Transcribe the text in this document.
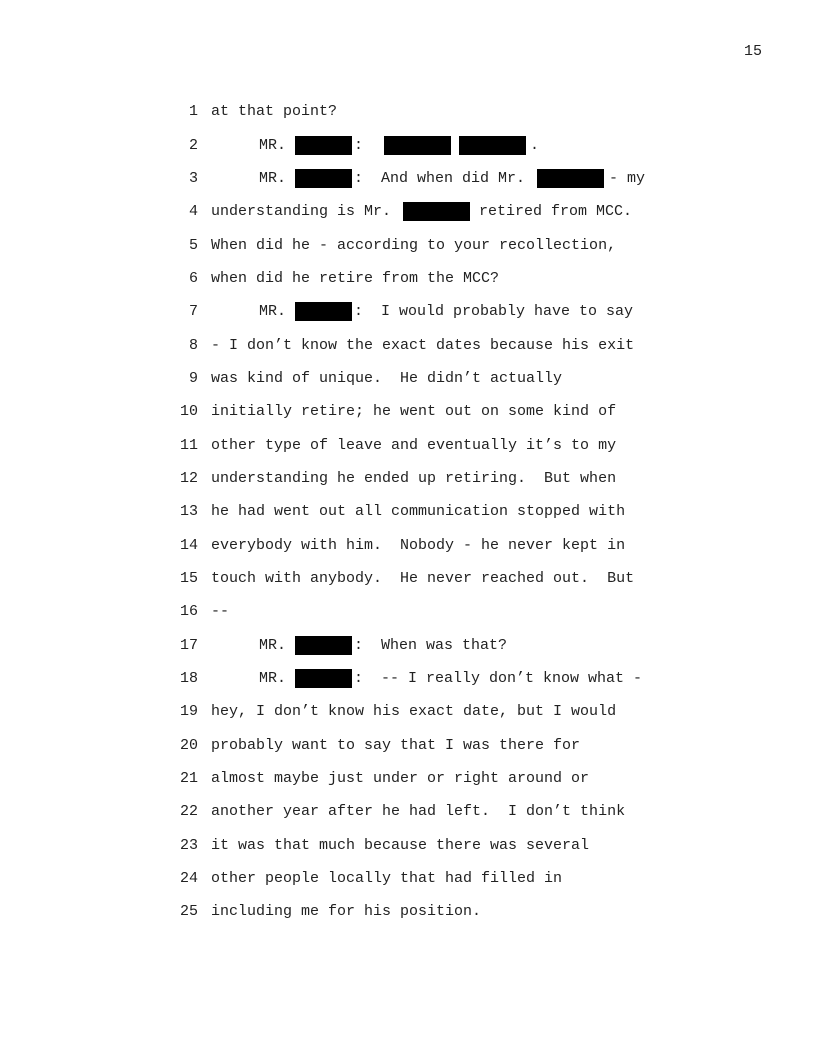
15
1 at that point?
2	MR.	:	.
3	MR.	:  And when did Mr.	- my
4 understanding is Mr.	retired from MCC.
5 When did he - according to your recollection,
6 when did he retire from the MCC?
7	MR.	:  I would probably have to say
8 - I don’t know the exact dates because his exit
9 was kind of unique.  He didn’t actually
10 initially retire; he went out on some kind of
11 other type of leave and eventually it’s to my
12 understanding he ended up retiring.  But when
13 he had went out all communication stopped with
14 everybody with him.  Nobody - he never kept in
15 touch with anybody.  He never reached out.  But
16 --
17	MR.	:  When was that?
18	MR.	:  -- I really don’t know what -
19 hey, I don’t know his exact date, but I would
20 probably want to say that I was there for
21 almost maybe just under or right around or
22 another year after he had left.  I don’t think
23 it was that much because there was several
24 other people locally that had filled in
25 including me for his position.
